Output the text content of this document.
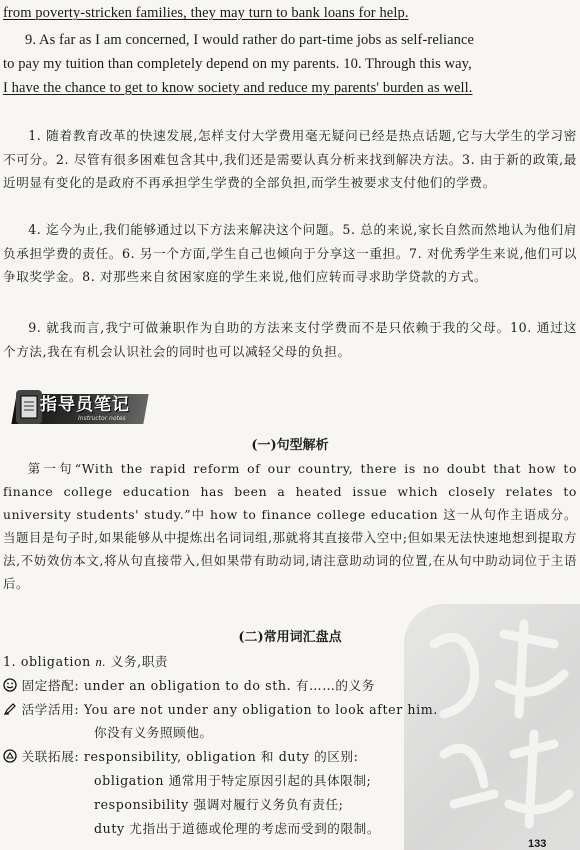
from poverty-stricken families, they may turn to bank loans for help.
9. As far as I am concerned, I would rather do part-time jobs as self-reliance
to pay my tuition than completely depend on my parents. 10. Through this way,
I have the chance to get to know society and reduce my parents' burden as well.

1. 随着教育改革的快速发展,怎样支付大学费用毫无疑问已经是热点话题,它与大学生的学习密不可分。2. 尽管有很多困难包含其中,我们还是需要认真分析来找到解决方法。3. 由于新的政策,最近明显有变化的是政府不再承担学生学费的全部负担,而学生被要求支付他们的学费。

4. 迄今为止,我们能够通过以下方法来解决这个问题。5. 总的来说,家长自然而然地认为他们肩负承担学费的责任。6. 另一个方面,学生自己也倾向于分享这一重担。7. 对优秀学生来说,他们可以争取奖学金。8. 对那些来自贫困家庭的学生来说,他们应转而寻求助学贷款的方式。

9. 就我而言,我宁可做兼职作为自助的方法来支付学费而不是只依赖于我的父母。10. 通过这个方法,我在有机会认识社会的同时也可以减轻父母的负担。

指导员笔记
Instructor notes
(一)句型解析

第一句“With the rapid reform of our country, there is no doubt that how to finance college education has been a heated issue which closely relates to university students' study.”中 how to finance college education 这一从句作主语成分。当题目是句子时,如果能够从中提炼出名词词组,那就将其直接带入空中;但如果无法快速地想到提取方法,不妨效仿本文,将从句直接带入,但如果带有助动词,请注意助动词的位置,在从句中助动词位于主语后。

(二)常用词汇盘点
1. obligation n. 义务,职责
固定搭配: under an obligation to do sth. 有……的义务
活学活用: You are not under any obligation to look after him.
你没有义务照顾他。
关联拓展: responsibility, obligation 和 duty 的区别:
obligation 通常用于特定原因引起的具体限制;
responsibility 强调对履行义务负有责任;
duty 尤指出于道德或伦理的考虑而受到的限制。
133
